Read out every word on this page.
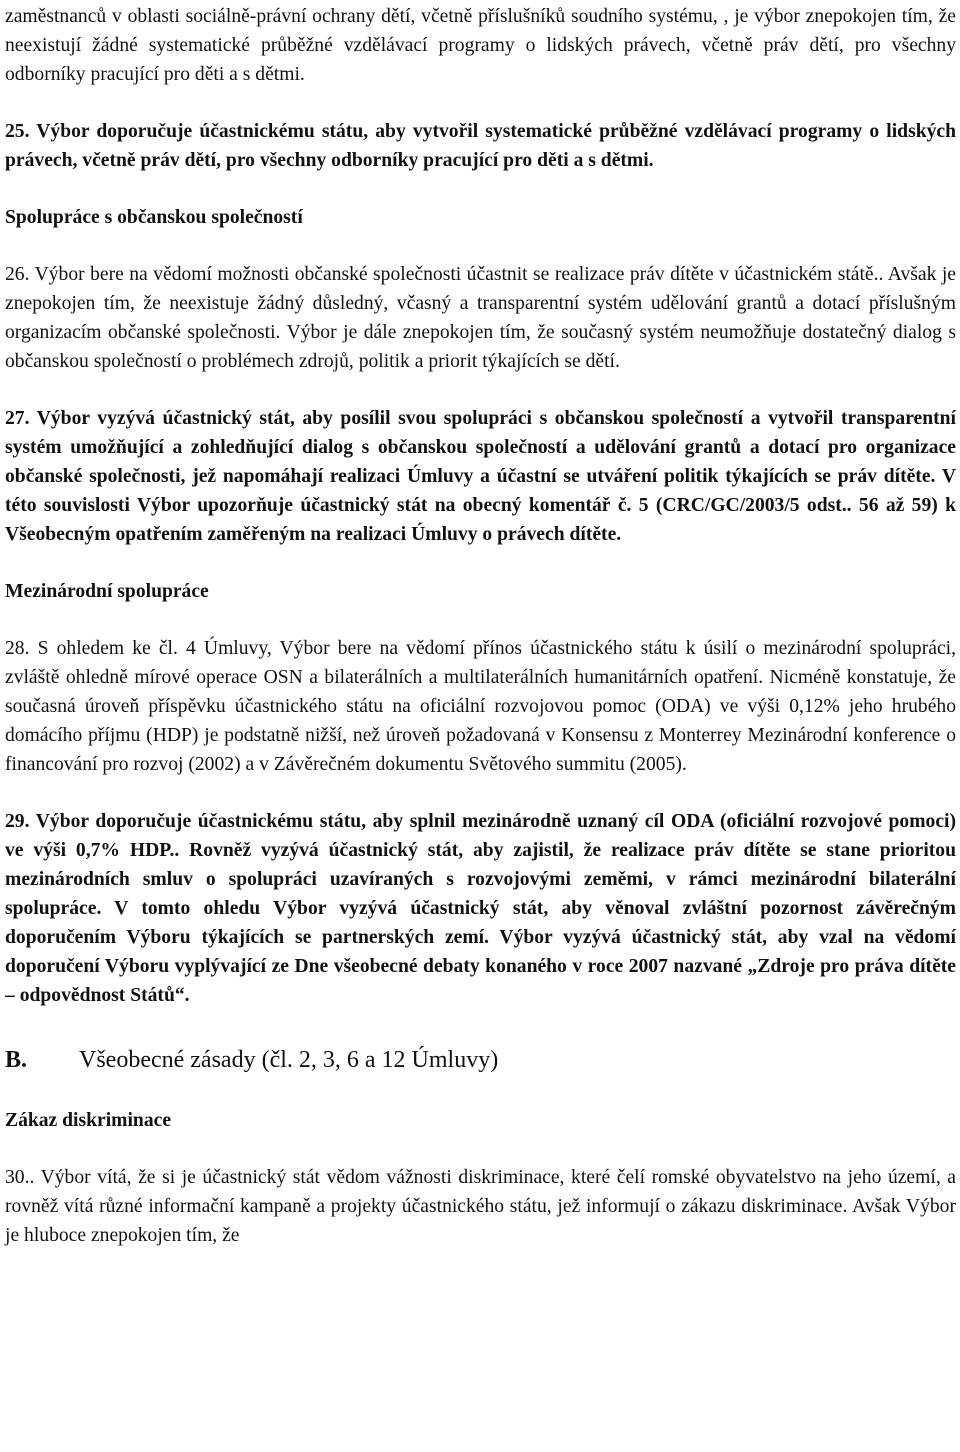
zaměstnanců v oblasti sociálně-právní ochrany dětí, včetně příslušníků soudního systému, , je výbor znepokojen tím, že neexistují žádné systematické průběžné vzdělávací programy o lidských právech, včetně práv dětí, pro všechny odborníky pracující pro děti a s dětmi.

25. Výbor doporučuje účastnickému státu, aby vytvořil systematické průběžné vzdělávací programy o lidských právech, včetně práv dětí, pro všechny odborníky pracující pro děti a s dětmi.

Spolupráce s občanskou společností

26. Výbor bere na vědomí možnosti občanské společnosti účastnit se realizace práv dítěte v účastnickém státě.. Avšak je znepokojen tím, že neexistuje žádný důsledný, včasný a transparentní systém udělování grantů a dotací příslušným organizacím občanské společnosti. Výbor je dále znepokojen tím, že současný systém neumožňuje dostatečný dialog s občanskou společností o problémech zdrojů, politik a priorit týkajících se dětí.

27. Výbor vyzývá účastnický stát, aby posílil svou spolupráci s občanskou společností a vytvořil transparentní systém umožňující a zohledňující dialog s občanskou společností a udělování grantů a dotací pro organizace občanské společnosti, jež napomáhají realizaci Úmluvy a účastní se utváření politik týkajících se práv dítěte. V této souvislosti Výbor upozorňuje účastnický stát na obecný komentář č. 5 (CRC/GC/2003/5 odst.. 56 až 59) k Všeobecným opatřením zaměřeným na realizaci Úmluvy o právech dítěte.

Mezinárodní spolupráce

28. S ohledem ke čl. 4 Úmluvy, Výbor bere na vědomí přínos účastnického státu k úsilí o mezinárodní spolupráci, zvláště ohledně mírové operace OSN a bilaterálních a multilaterálních humanitárních opatření. Nicméně konstatuje, že současná úroveň příspěvku účastnického státu na oficiální rozvojovou pomoc (ODA) ve výši 0,12% jeho hrubého domácího příjmu (HDP) je podstatně nižší, než úroveň požadovaná v Konsensu z Monterrey Mezinárodní konference o financování pro rozvoj (2002) a v Závěrečném dokumentu Světového summitu (2005).

29. Výbor doporučuje účastnickému státu, aby splnil mezinárodně uznaný cíl ODA (oficiální rozvojové pomoci) ve výši 0,7% HDP.. Rovněž vyzývá účastnický stát, aby zajistil, že realizace práv dítěte se stane prioritou mezinárodních smluv o spolupráci uzavíraných s rozvojovými zeměmi, v rámci mezinárodní bilaterální spolupráce. V tomto ohledu Výbor vyzývá účastnický stát, aby věnoval zvláštní pozornost závěrečným doporučením Výboru týkajících se partnerských zemí. Výbor vyzývá účastnický stát, aby vzal na vědomí doporučení Výboru vyplývající ze Dne všeobecné debaty konaného v roce 2007 nazvané „Zdroje pro práva dítěte – odpovědnost Států“.

B.	Všeobecné zásady (čl. 2, 3, 6 a 12 Úmluvy)
Zákaz diskriminace

30.. Výbor vítá, že si je účastnický stát vědom vážnosti diskriminace, které čelí romské obyvatelstvo na jeho území, a rovněž vítá různé informační kampaně a projekty účastnického státu, jež informují o zákazu diskriminace. Avšak Výbor je hluboce znepokojen tím, že
